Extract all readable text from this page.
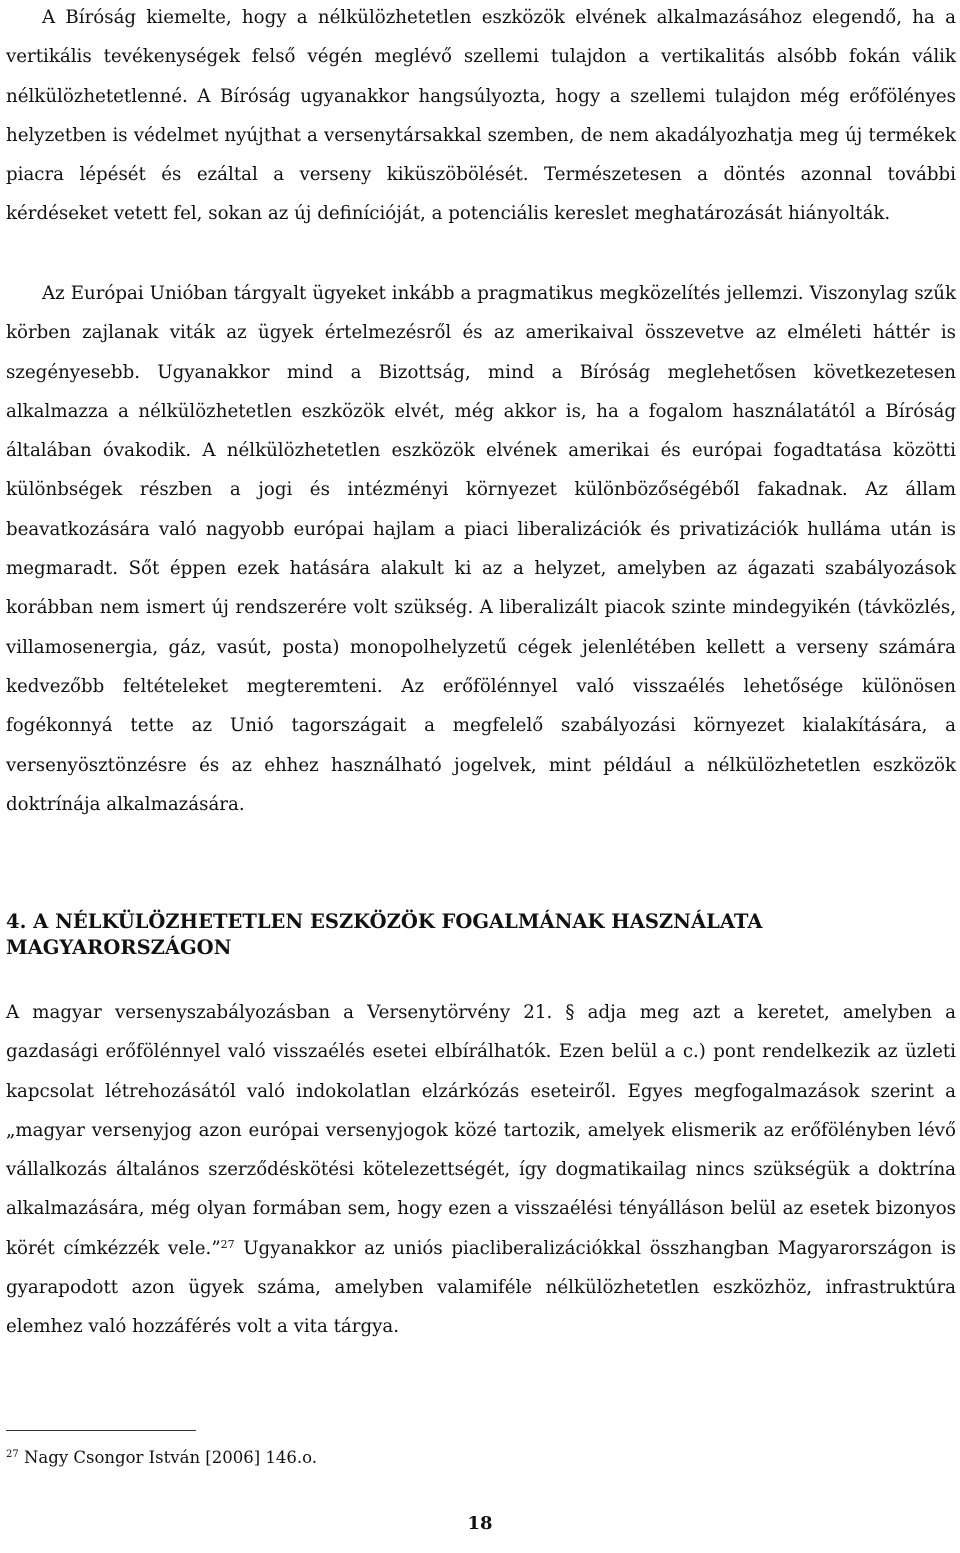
A Bíróság kiemelte, hogy a nélkülözhetetlen eszközök elvének alkalmazásához elegendő, ha a vertikális tevékenységek felső végén meglévő szellemi tulajdon a vertikalitás alsóbb fokán válik nélkülözhetetlenné. A Bíróság ugyanakkor hangsúlyozta, hogy a szellemi tulajdon még erőfölényes helyzetben is védelmet nyújthat a versenytársakkal szemben, de nem akadályozhatja meg új termékek piacra lépését és ezáltal a verseny kiküszöbölését. Természetesen a döntés azonnal további kérdéseket vetett fel, sokan az új definícióját, a potenciális kereslet meghatározását hiányolták.

Az Európai Unióban tárgyalt ügyeket inkább a pragmatikus megközelítés jellemzi. Viszonylag szűk körben zajlanak viták az ügyek értelmezésről és az amerikaival összevetve az elméleti háttér is szegényesebb. Ugyanakkor mind a Bizottság, mind a Bíróság meglehetősen következetesen alkalmazza a nélkülözhetetlen eszközök elvét, még akkor is, ha a fogalom használatától a Bíróság általában óvakodik. A nélkülözhetetlen eszközök elvének amerikai és európai fogadtatása közötti különbségek részben a jogi és intézményi környezet különbözőségéből fakadnak. Az állam beavatkozására való nagyobb európai hajlam a piaci liberalizációk és privatizációk hulláma után is megmaradt. Sőt éppen ezek hatására alakult ki az a helyzet, amelyben az ágazati szabályozások korábban nem ismert új rendszerére volt szükség. A liberalizált piacok szinte mindegyikén (távközlés, villamosenergia, gáz, vasút, posta) monopolhelyzetű cégek jelenlétében kellett a verseny számára kedvezőbb feltételeket megteremteni. Az erőfölénnyel való visszaélés lehetősége különösen fogékonnyá tette az Unió tagországait a megfelelő szabályozási környezet kialakítására, a versenyösztönzésre és az ehhez használható jogelvek, mint például a nélkülözhetetlen eszközök doktrínája alkalmazására.

4. A NÉLKÜLÖZHETETLEN ESZKÖZÖK FOGALMÁNAK HASZNÁLATA MAGYARORSZÁGON

A magyar versenyszabályozásban a Versenytörvény 21. § adja meg azt a keretet, amelyben a gazdasági erőfölénnyel való visszaélés esetei elbírálhatók. Ezen belül a c.) pont rendelkezik az üzleti kapcsolat létrehozásától való indokolatlan elzárkózás eseteiről. Egyes megfogalmazások szerint a „magyar versenyjog azon európai versenyjogok közé tartozik, amelyek elismerik az erőfölényben lévő vállalkozás általános szerződéskötési kötelezettségét, így dogmatikailag nincs szükségük a doktrína alkalmazására, még olyan formában sem, hogy ezen a visszaélési tényálláson belül az esetek bizonyos körét címkézzék vele.”$^{27}$ Ugyanakkor az uniós piacliberalizációkkal összhangban Magyarországon is gyarapodott azon ügyek száma, amelyben valamiféle nélkülözhetetlen eszközhöz, infrastruktúra elemhez való hozzáférés volt a vita tárgya.

$^{27}$ Nagy Csongor István [2006] 146.o.
18
